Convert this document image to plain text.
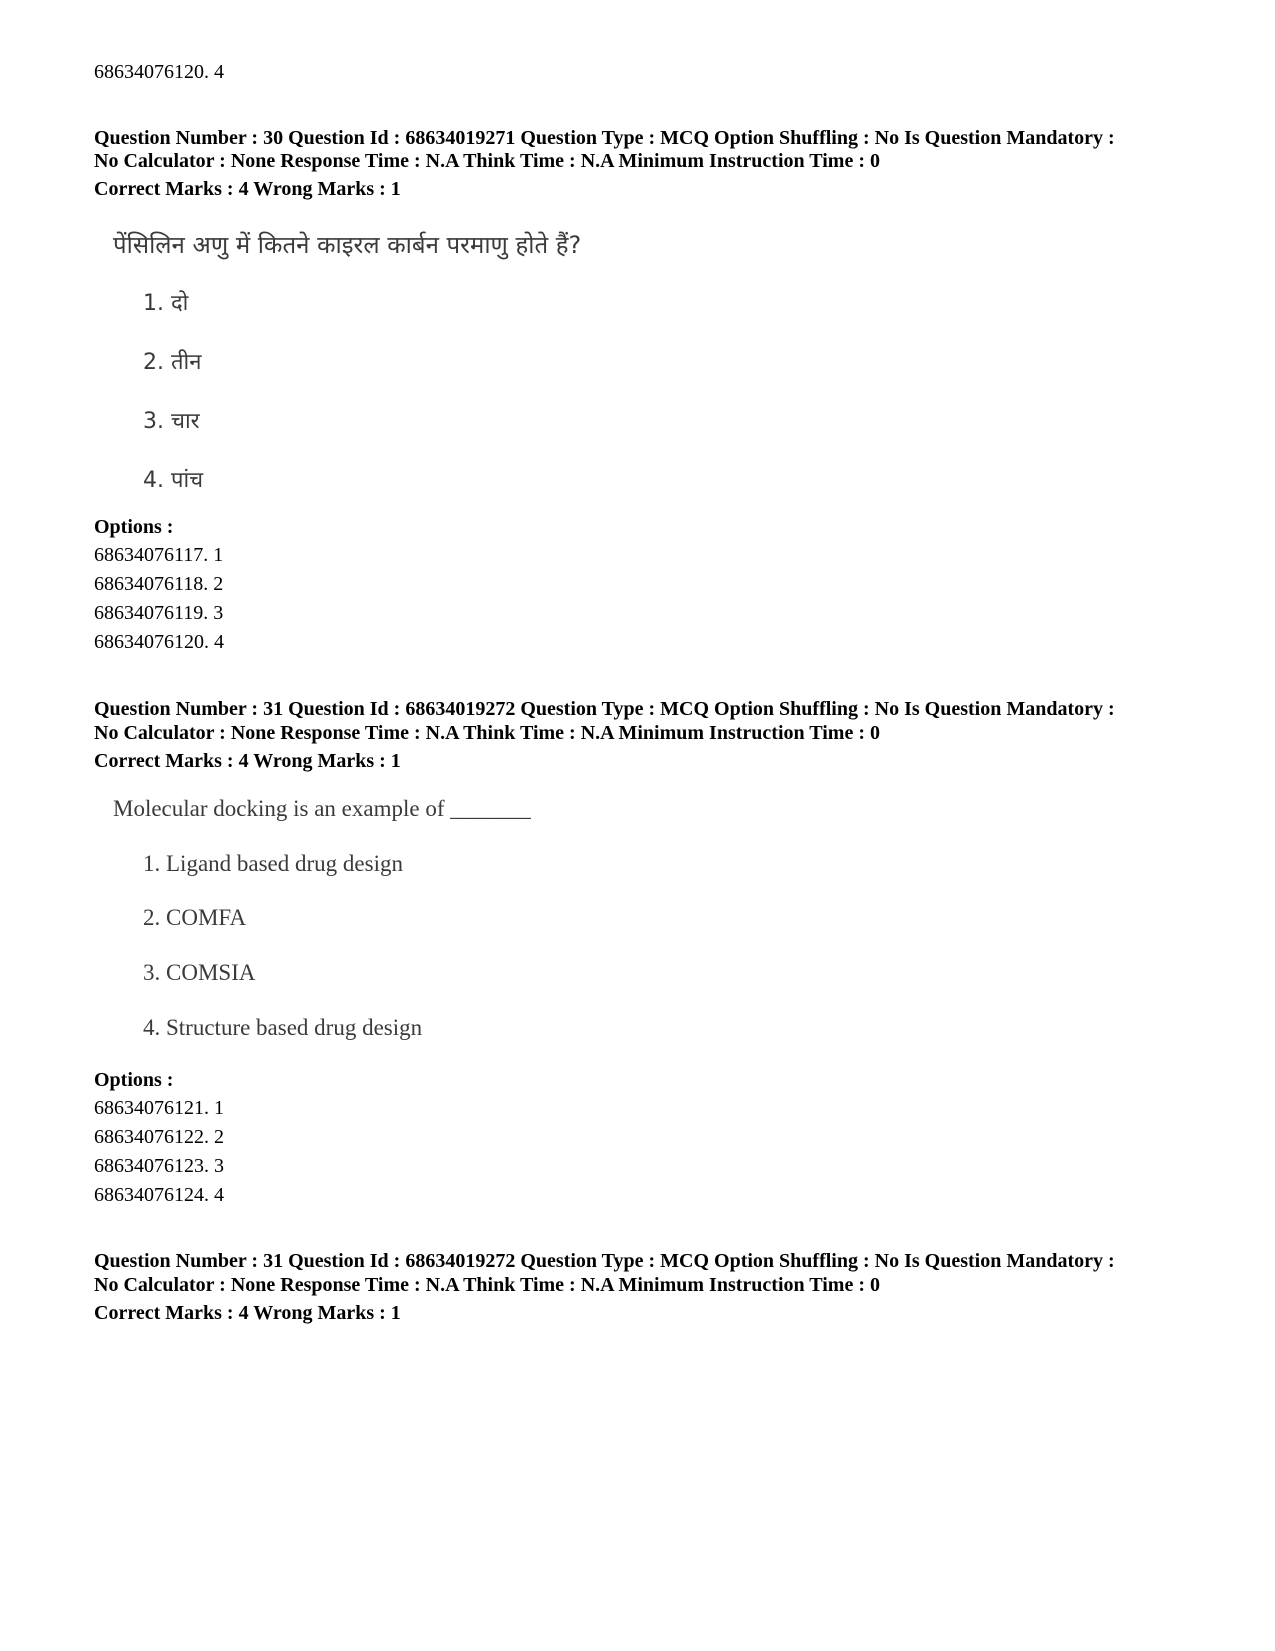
68634076120. 4
Question Number : 30 Question Id : 68634019271 Question Type : MCQ Option Shuffling : No Is Question Mandatory :
No Calculator : None Response Time : N.A Think Time : N.A Minimum Instruction Time : 0
Correct Marks : 4 Wrong Marks : 1
पेंसिलिन अणु में कितने काइरल कार्बन परमाणु होते हैं?
1. दो
2. तीन
3. चार
4. पांच
Options :
68634076117. 1
68634076118. 2
68634076119. 3
68634076120. 4
Question Number : 31 Question Id : 68634019272 Question Type : MCQ Option Shuffling : No Is Question Mandatory :
No Calculator : None Response Time : N.A Think Time : N.A Minimum Instruction Time : 0
Correct Marks : 4 Wrong Marks : 1
Molecular docking is an example of _______
1. Ligand based drug design
2. COMFA
3. COMSIA
4. Structure based drug design
Options :
68634076121. 1
68634076122. 2
68634076123. 3
68634076124. 4
Question Number : 31 Question Id : 68634019272 Question Type : MCQ Option Shuffling : No Is Question Mandatory :
No Calculator : None Response Time : N.A Think Time : N.A Minimum Instruction Time : 0
Correct Marks : 4 Wrong Marks : 1
